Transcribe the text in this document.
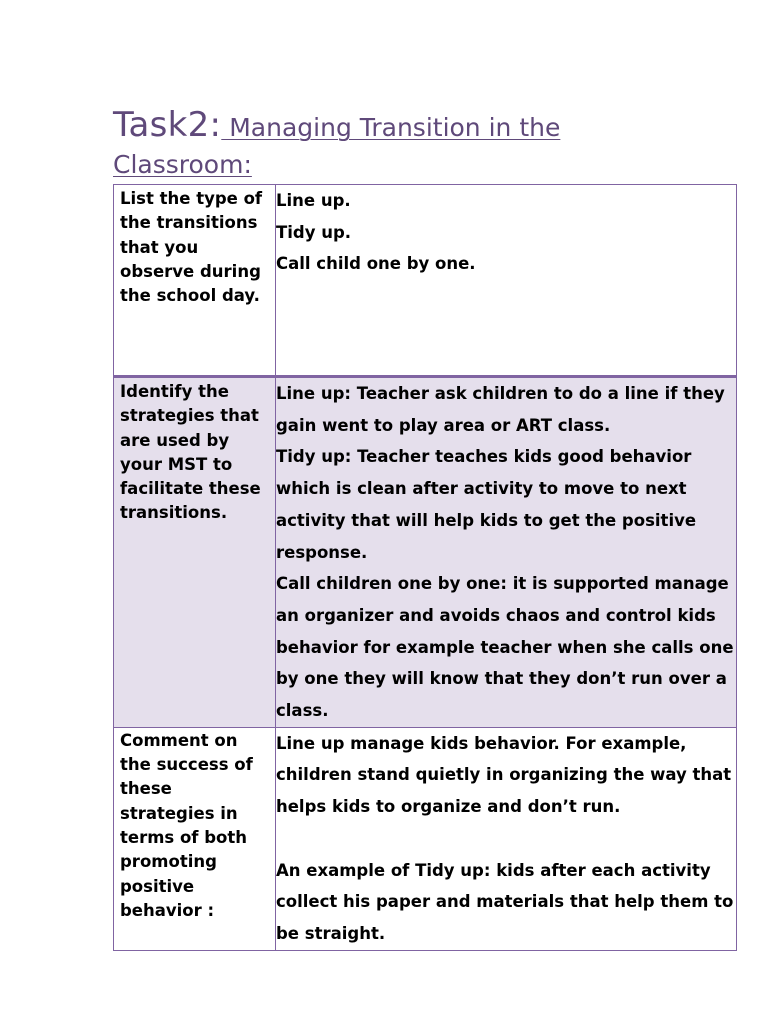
Task2: Managing Transition in the Classroom:
List the type of the transitions that you observe during the school day.	Line up.

Tidy up.

Call child one by one.

Identify the strategies that are used by your MST to facilitate these transitions.	Line up: Teacher ask children to do a line if they gain went to play area or ART class.

Tidy up: Teacher teaches kids good behavior which is clean after activity to move to next activity that will help kids to get the positive response.

Call children one by one: it is supported manage an organizer and avoids chaos and control kids behavior for example teacher when she calls one by one they will know that they don’t run over a class.

Comment on the success of these strategies in terms of both promoting positive behavior :	Line up manage kids behavior. For example, children stand quietly in organizing the way that helps kids to organize and don’t run.

An example of Tidy up: kids after each activity collect his paper and materials that help them to be straight.
